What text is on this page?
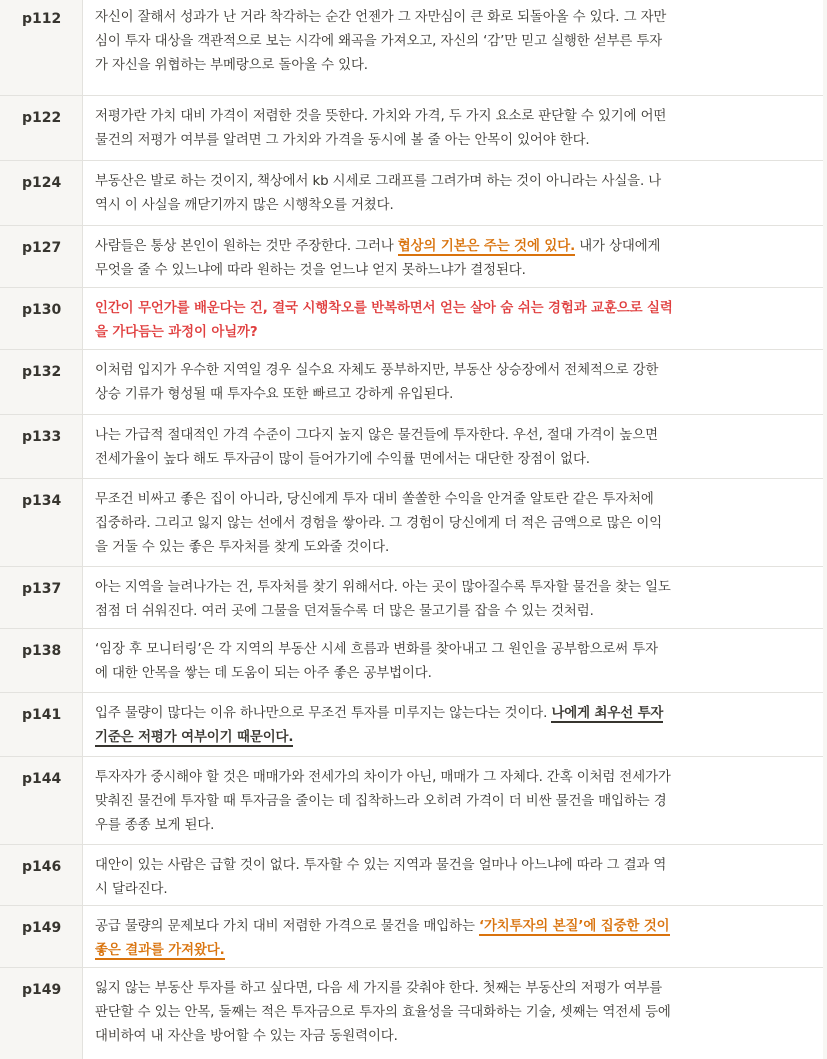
p112	자신이 잘해서 성과가 난 거라 착각하는 순간 언젠가 그 자만심이 큰 화로 되돌아올 수 있다. 그 자만
심이 투자 대상을 객관적으로 보는 시각에 왜곡을 가져오고, 자신의 ‘감’만 믿고 실행한 섣부른 투자
가 자신을 위협하는 부메랑으로 돌아올 수 있다.
p122	저평가란 가치 대비 가격이 저렴한 것을 뜻한다. 가치와 가격, 두 가지 요소로 판단할 수 있기에 어떤
물건의 저평가 여부를 알려면 그 가치와 가격을 동시에 볼 줄 아는 안목이 있어야 한다.
p124	부동산은 발로 하는 것이지, 책상에서 kb 시세로 그래프를 그려가며 하는 것이 아니라는 사실을. 나
역시 이 사실을 깨닫기까지 많은 시행착오를 거쳤다.
p127	사람들은 통상 본인이 원하는 것만 주장한다. 그러나 협상의 기본은 주는 것에 있다. 내가 상대에게
무엇을 줄 수 있느냐에 따라 원하는 것을 얻느냐 얻지 못하느냐가 결정된다.
p130	인간이 무언가를 배운다는 건, 결국 시행착오를 반복하면서 얻는 살아 숨 쉬는 경험과 교훈으로 실력
을 가다듬는 과정이 아닐까?
p132	이처럼 입지가 우수한 지역일 경우 실수요 자체도 풍부하지만, 부동산 상승장에서 전체적으로 강한
상승 기류가 형성될 때 투자수요 또한 빠르고 강하게 유입된다.
p133	나는 가급적 절대적인 가격 수준이 그다지 높지 않은 물건들에 투자한다. 우선, 절대 가격이 높으면
전세가율이 높다 해도 투자금이 많이 들어가기에 수익률 면에서는 대단한 장점이 없다.
p134	무조건 비싸고 좋은 집이 아니라, 당신에게 투자 대비 쏠쏠한 수익을 안겨줄 알토란 같은 투자처에
집중하라. 그리고 잃지 않는 선에서 경험을 쌓아라. 그 경험이 당신에게 더 적은 금액으로 많은 이익
을 거둘 수 있는 좋은 투자처를 찾게 도와줄 것이다.
p137	아는 지역을 늘려나가는 건, 투자처를 찾기 위해서다. 아는 곳이 많아질수록 투자할 물건을 찾는 일도
점점 더 쉬워진다. 여러 곳에 그물을 던져둘수록 더 많은 물고기를 잡을 수 있는 것처럼.
p138	‘임장 후 모니터링’은 각 지역의 부동산 시세 흐름과 변화를 찾아내고 그 원인을 공부함으로써 투자
에 대한 안목을 쌓는 데 도움이 되는 아주 좋은 공부법이다.
p141	입주 물량이 많다는 이유 하나만으로 무조건 투자를 미루지는 않는다는 것이다. 나에게 최우선 투자
기준은 저평가 여부이기 때문이다.
p144	투자자가 중시해야 할 것은 매매가와 전세가의 차이가 아닌, 매매가 그 자체다. 간혹 이처럼 전세가가
맞춰진 물건에 투자할 때 투자금을 줄이는 데 집착하느라 오히려 가격이 더 비싼 물건을 매입하는 경
우를 종종 보게 된다.
p146	대안이 있는 사람은 급할 것이 없다. 투자할 수 있는 지역과 물건을 얼마나 아느냐에 따라 그 결과 역
시 달라진다.
p149	공급 물량의 문제보다 가치 대비 저렴한 가격으로 물건을 매입하는 ‘가치투자의 본질’에 집중한 것이
좋은 결과를 가져왔다.
p149	잃지 않는 부동산 투자를 하고 싶다면, 다음 세 가지를 갖춰야 한다. 첫째는 부동산의 저평가 여부를
판단할 수 있는 안목, 둘째는 적은 투자금으로 투자의 효율성을 극대화하는 기술, 셋째는 역전세 등에
대비하여 내 자산을 방어할 수 있는 자금 동원력이다.
